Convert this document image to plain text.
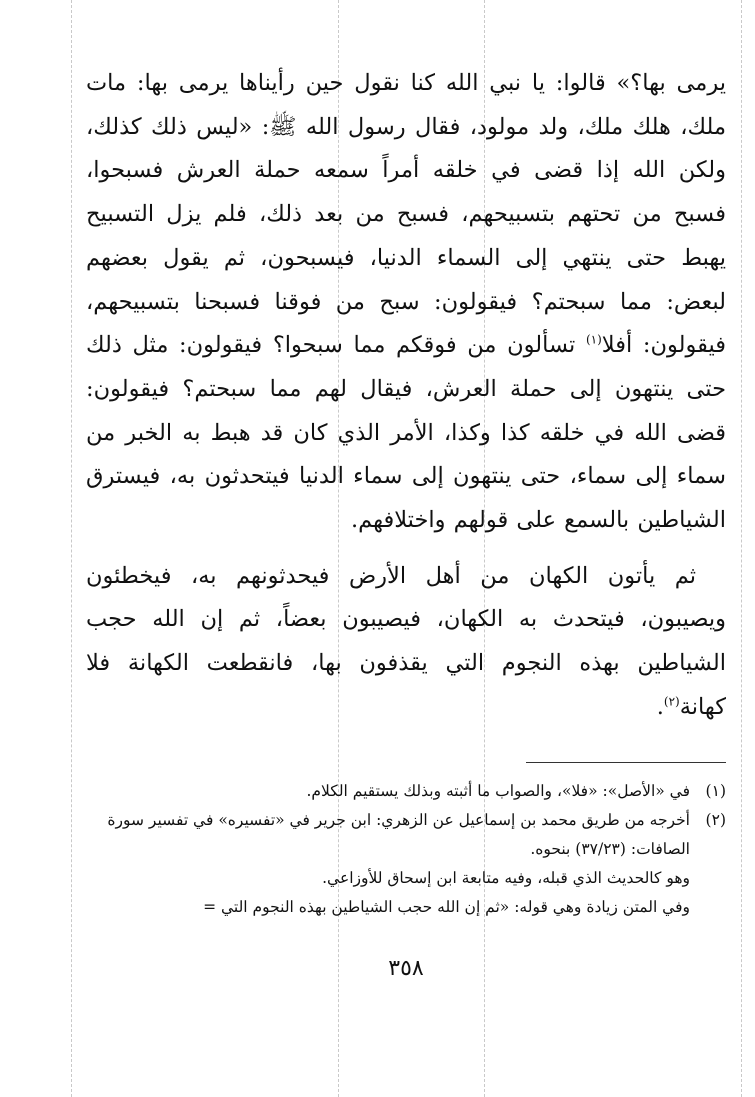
يرمى بها؟» قالوا: يا نبي الله كنا نقول حين رأيناها يرمى بها: مات ملك، هلك ملك، ولد مولود، فقال رسول الله ﷺ: «ليس ذلك كذلك، ولكن الله إذا قضى في خلقه أمراً سمعه حملة العرش فسبحوا، فسبح من تحتهم بتسبيحهم، فسبح من بعد ذلك، فلم يزل التسبيح يهبط حتى ينتهي إلى السماء الدنيا، فيسبحون، ثم يقول بعضهم لبعض: مما سبحتم؟ فيقولون: سبح من فوقنا فسبحنا بتسبيحهم، فيقولون: أفلا$^{(١)}$ تسألون من فوقكم مما سبحوا؟ فيقولون: مثل ذلك حتى ينتهون إلى حملة العرش، فيقال لهم مما سبحتم؟ فيقولون: قضى الله في خلقه كذا وكذا، الأمر الذي كان قد هبط به الخبر من سماء إلى سماء، حتى ينتهون إلى سماء الدنيا فيتحدثون به، فيسترق الشياطين بالسمع على قولهم واختلافهم.

ثم يأتون الكهان من أهل الأرض فيحدثونهم به، فيخطئون ويصيبون، فيتحدث به الكهان، فيصيبون بعضاً، ثم إن الله حجب الشياطين بهذه النجوم التي يقذفون بها، فانقطعت الكهانة فلا كهانة$^{(٢)}$.

(١)
في «الأصل»: «فلا»، والصواب ما أثبته وبذلك يستقيم الكلام.
(٢)
أخرجه من طريق محمد بن إسماعيل عن الزهري: ابن جرير في «تفسيره» في تفسير سورة الصافات: (٣٧/٢٣) بنحوه.
وهو كالحديث الذي قبله، وفيه متابعة ابن إسحاق للأوزاعي.
وفي المتن زيادة وهي قوله: «ثم إن الله حجب الشياطين بهذه النجوم التي =
٣٥٨
